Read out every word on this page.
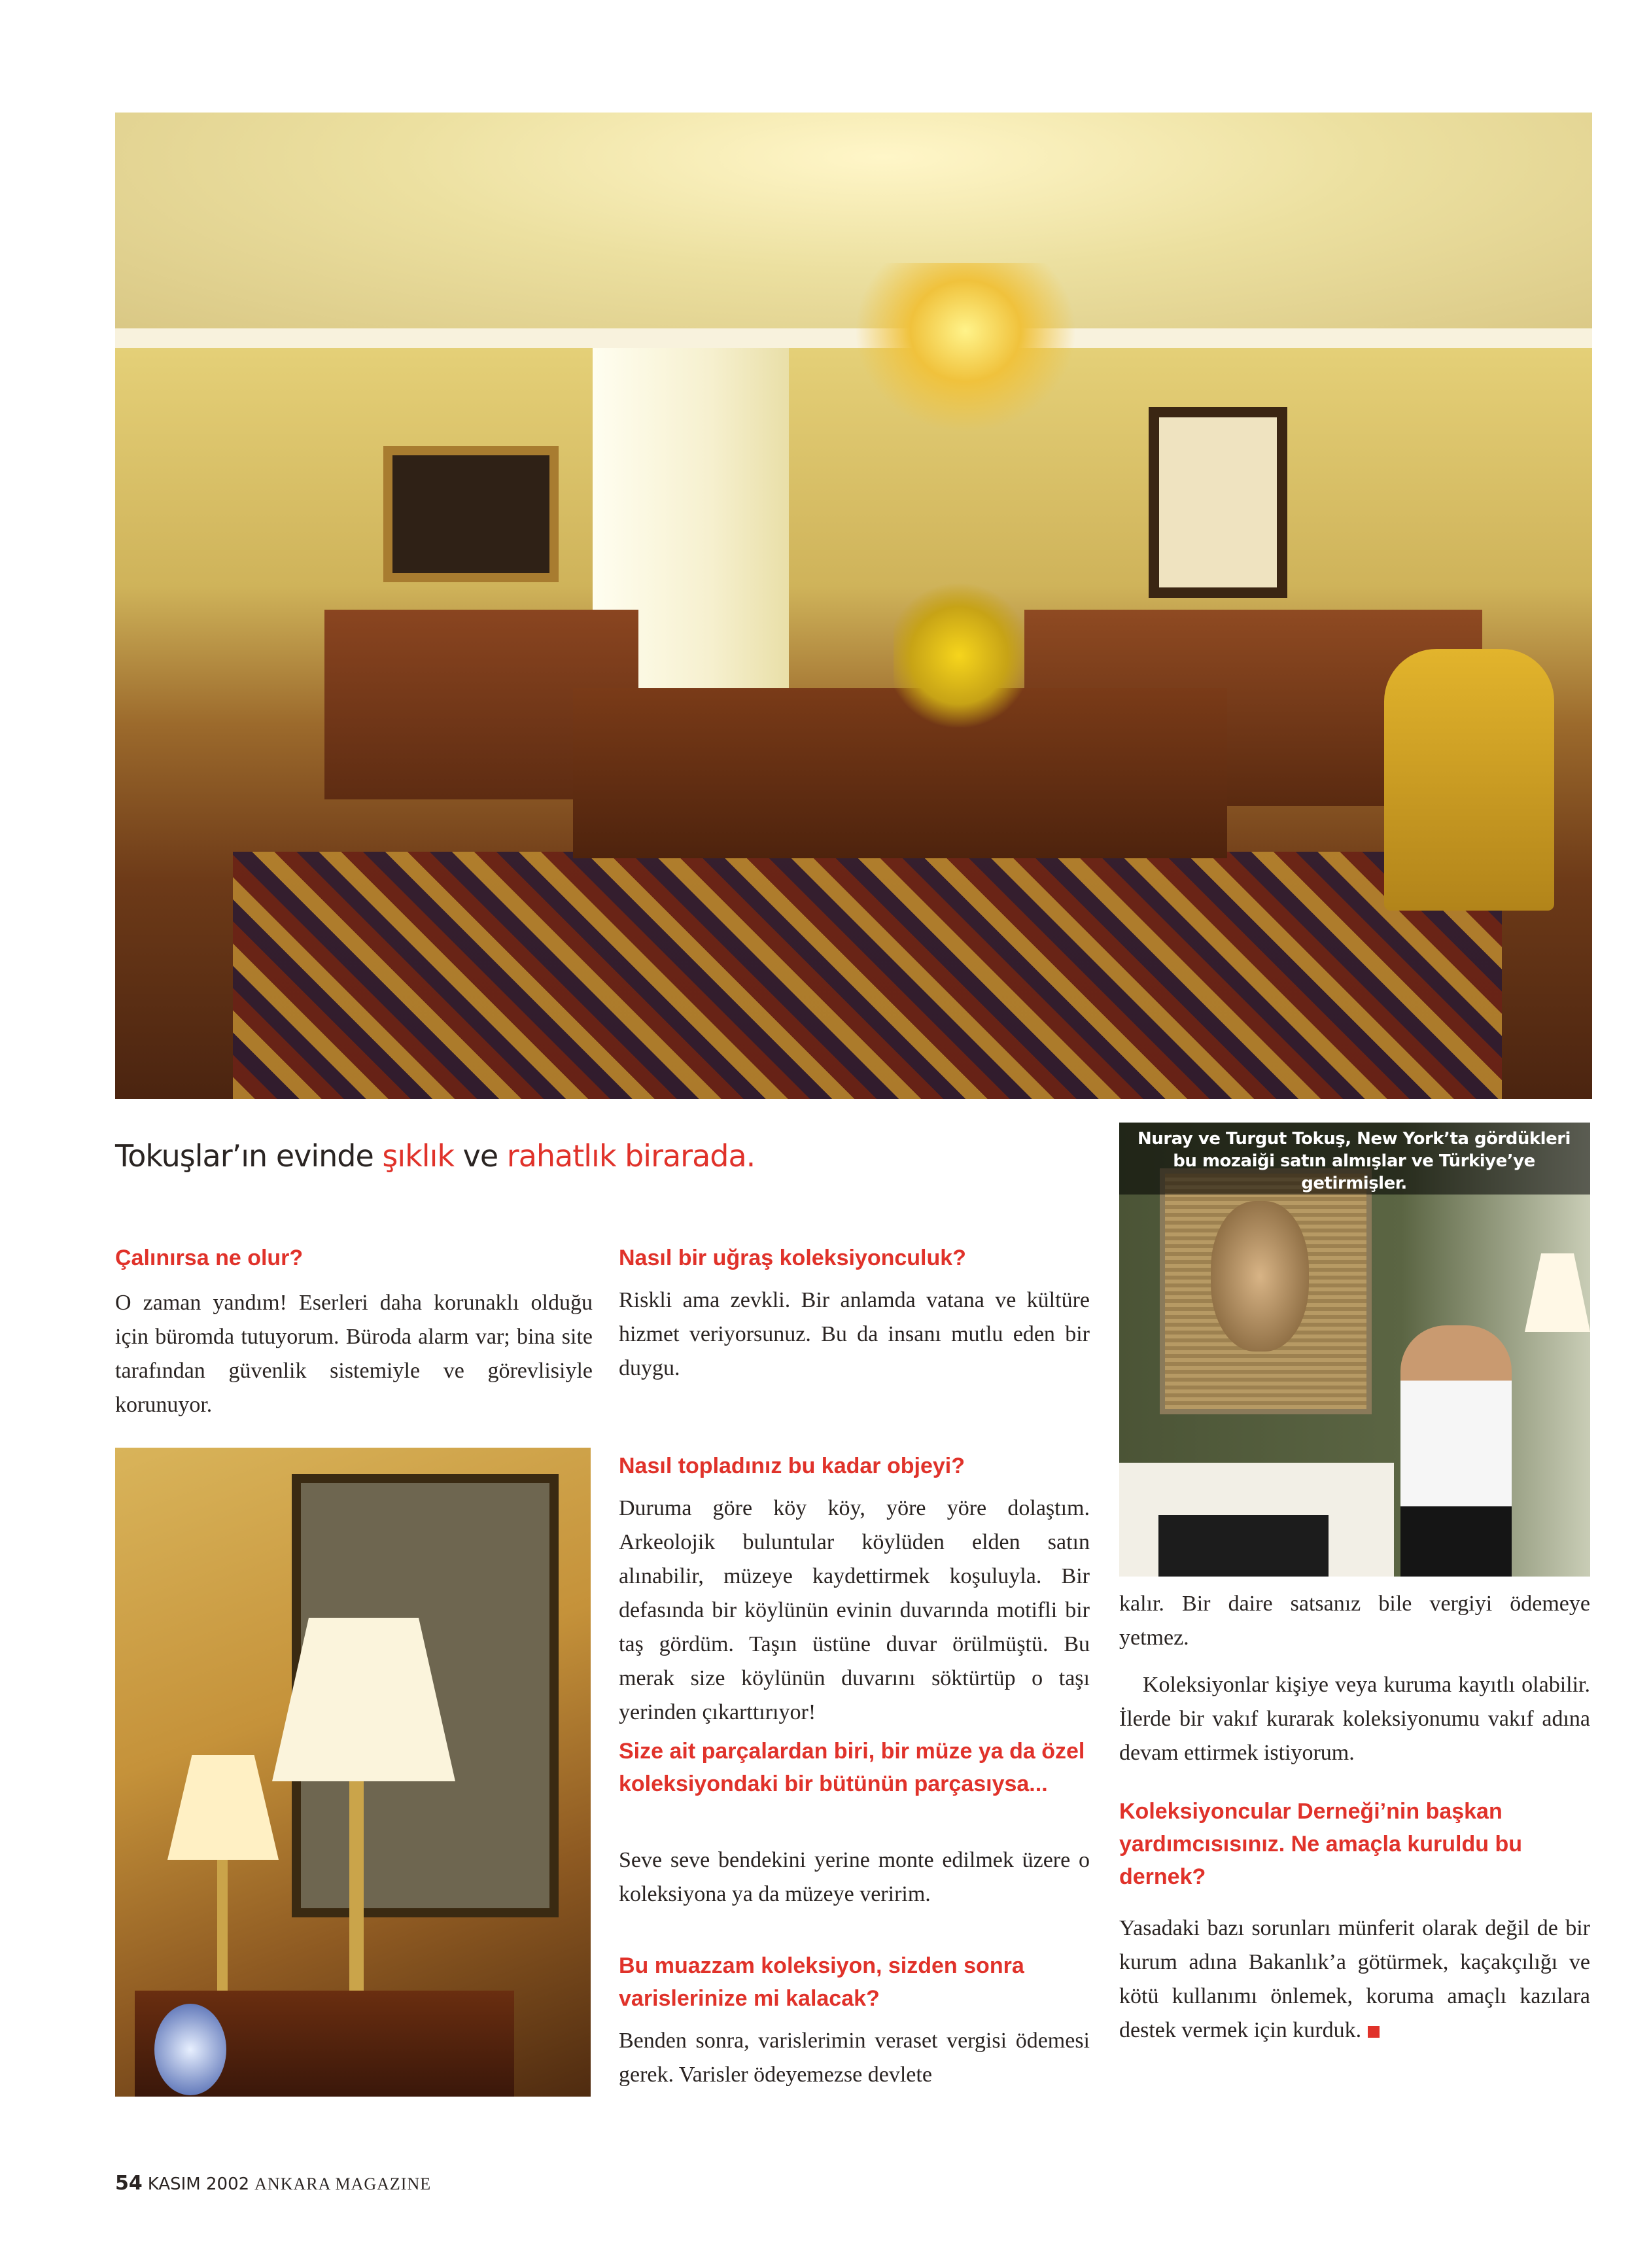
Tokuşlar’ın evinde şıklık ve rahatlık birarada.	Nuray ve Turgut Tokuş, New York’ta gördükleri bu mozaiği satın almışlar ve Türkiye’ye getirmişler.
Çalınırsa ne olur?
O zaman yandım! Eserleri daha korunaklı olduğu için büromda tutuyorum. Büroda alarm var; bina site tarafından güvenlik sistemiyle ve görevlisiyle korunuyor.
Nasıl bir uğraş koleksiyonculuk?
Riskli ama zevkli. Bir anlamda vatana ve kültüre hizmet veriyorsunuz. Bu da insanı mutlu eden bir duygu.
Nasıl topladınız bu kadar objeyi?
Duruma göre köy köy, yöre yöre dolaştım. Arkeolojik buluntular köylüden elden satın alınabilir, müzeye kaydettirmek koşuluyla. Bir defasında bir köylünün evinin duvarında motifli bir taş gördüm. Taşın üstüne duvar örülmüştü. Bu merak size köylünün duvarını söktürtüp o taşı yerinden çıkarttırıyor!
Size ait parçalardan biri, bir müze ya da özel koleksiyondaki bir bütünün parçasıysa...
Seve seve bendekini yerine monte edilmek üzere o koleksiyona ya da müzeye veririm.
Bu muazzam koleksiyon, sizden sonra varislerinize mi kalacak?
Benden sonra, varislerimin veraset vergisi ödemesi gerek. Varisler ödeyemezse devlete
kalır. Bir daire satsanız bile vergiyi ödemeye yetmez.
Koleksiyonlar kişiye veya kuruma kayıtlı olabilir. İlerde bir vakıf kurarak koleksiyonumu vakıf adına devam ettirmek istiyorum.
Koleksiyoncular Derneği’nin başkan yardımcısısınız. Ne amaçla kuruldu bu dernek?
Yasadaki bazı sorunları münferit olarak değil de bir kurum adına Bakanlık’a götürmek, kaçakçılığı ve kötü kullanımı önlemek, koruma amaçlı kazılara destek vermek için kurduk.
54 KASIM 2002 ANKARA MAGAZINE
